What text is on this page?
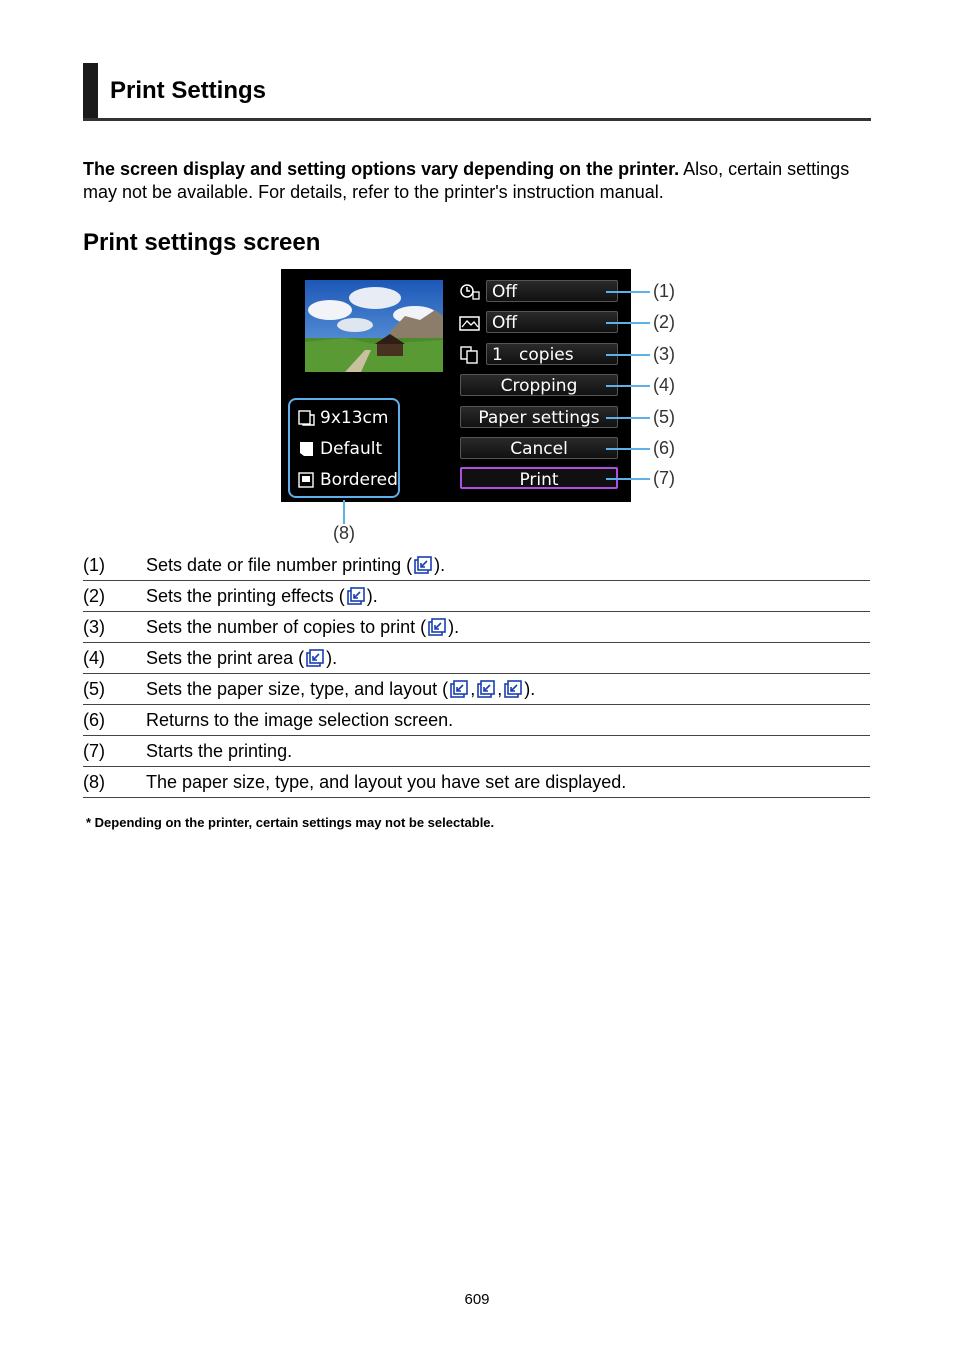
Print Settings

The screen display and setting options vary depending on the printer. Also, certain settings may not be available. For details, refer to the printer's instruction manual.

Print settings screen
Off
Off
1 copies
Cropping
Paper settings
Cancel
Print
9x13cm
Default
Bordered
(1)
(2)
(3)
(4)
(5)
(6)
(7)
(8)
(1)	Sets date or file number printing ( ).
(2)	Sets the printing effects ( ).
(3)	Sets the number of copies to print ( ).
(4)	Sets the print area ( ).
(5)	Sets the paper size, type, and layout ( , , ).
(6)	Returns to the image selection screen.
(7)	Starts the printing.
(8)	The paper size, type, and layout you have set are displayed.
* Depending on the printer, certain settings may not be selectable.
609
